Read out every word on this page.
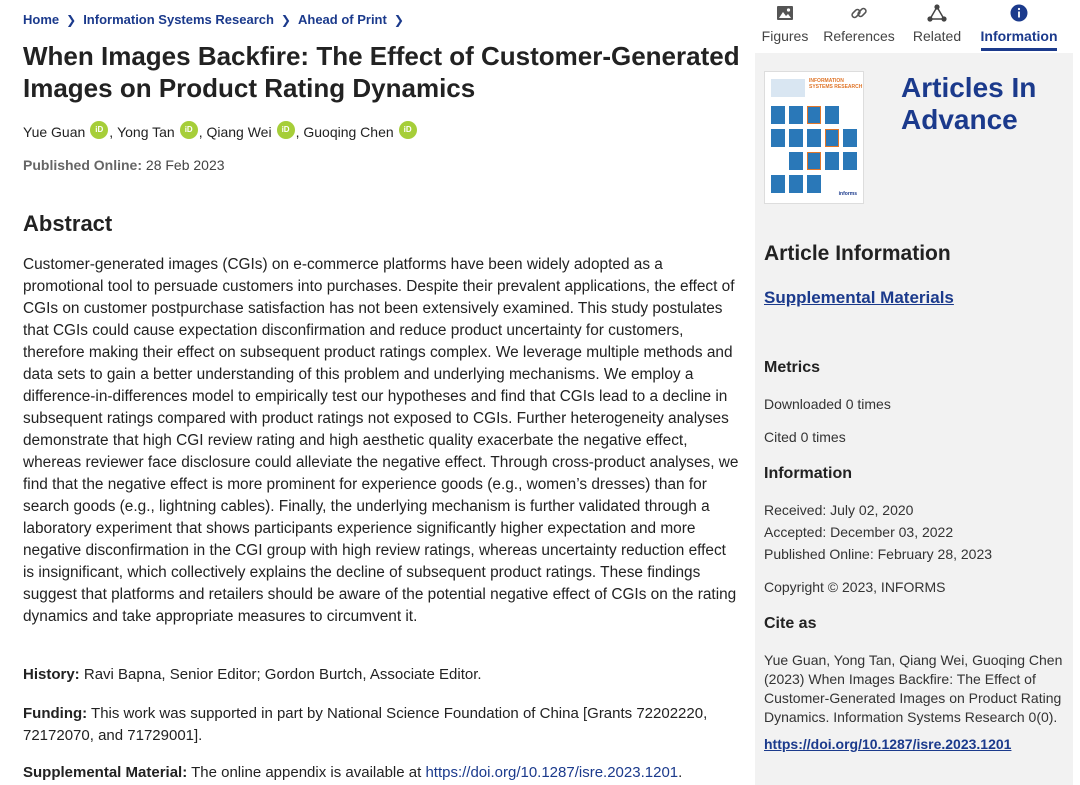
Home ❯ Information Systems Research ❯ Ahead of Print ❯
When Images Backfire: The Effect of Customer-Generated Images on Product Rating Dynamics
Yue Guan	iD , Yong Tan	iD , Qiang Wei	iD , Guoqing Chen	iD
Published Online: 28 Feb 2023
Abstract

Customer-generated images (CGIs) on e-commerce platforms have been widely adopted as a promotional tool to persuade customers into purchases. Despite their prevalent applications, the effect of CGIs on customer postpurchase satisfaction has not been extensively examined. This study postulates that CGIs could cause expectation disconfirmation and reduce product uncertainty for customers, therefore making their effect on subsequent product ratings complex. We leverage multiple methods and data sets to gain a better understanding of this problem and underlying mechanisms. We employ a difference-in-differences model to empirically test our hypotheses and find that CGIs lead to a decline in subsequent ratings compared with product ratings not exposed to CGIs. Further heterogeneity analyses demonstrate that high CGI review rating and high aesthetic quality exacerbate the negative effect, whereas reviewer face disclosure could alleviate the negative effect. Through cross-product analyses, we find that the negative effect is more prominent for experience goods (e.g., women’s dresses) than for search goods (e.g., lightning cables). Finally, the underlying mechanism is further validated through a laboratory experiment that shows participants experience significantly higher expectation and more negative disconfirmation in the CGI group with high review ratings, whereas uncertainty reduction effect is insignificant, which collectively explains the decline of subsequent product ratings. These findings suggest that platforms and retailers should be aware of the potential negative effect of CGIs on the rating dynamics and take appropriate measures to circumvent it.

History: Ravi Bapna, Senior Editor; Gordon Burtch, Associate Editor.

Funding: This work was supported in part by National Science Foundation of China [Grants 72202220, 72172070, and 71729001].

Supplemental Material: The online appendix is available at https://doi.org/10.1287/isre.2023.1201.

Figures References Related Information
INFORMATION SYSTEMS RESEARCH
informs
Articles In Advance
Article Information
Supplemental Materials
Metrics
Downloaded 0 times
Cited 0 times
Information
Received: July 02, 2020
Accepted: December 03, 2022
Published Online: February 28, 2023
Copyright © 2023, INFORMS
Cite as

Yue Guan, Yong Tan, Qiang Wei, Guoqing Chen (2023) When Images Backfire: The Effect of Customer-Generated Images on Product Rating Dynamics. Information Systems Research 0(0).

https://doi.org/10.1287/isre.2023.1201
